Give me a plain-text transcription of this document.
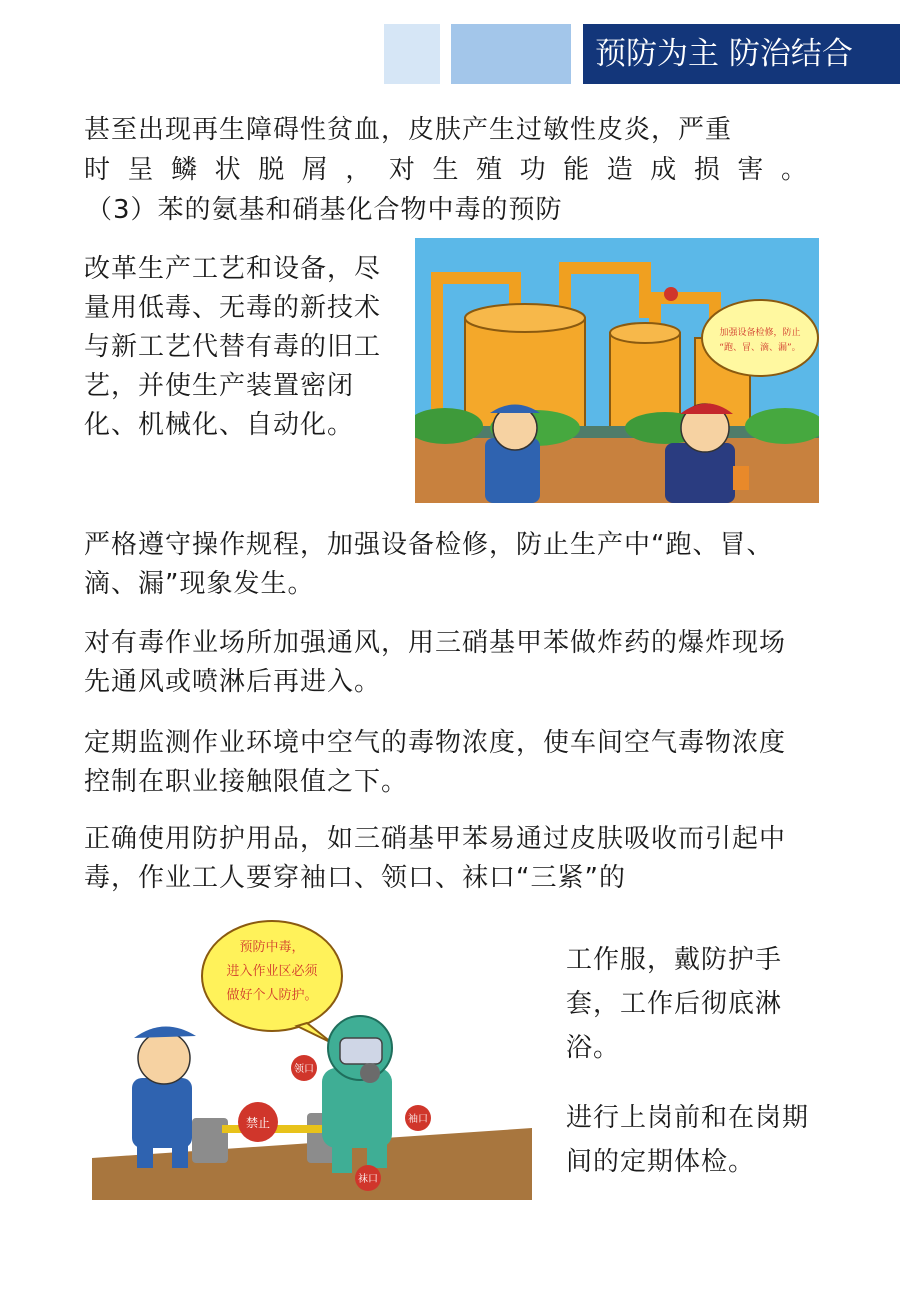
预防为主 防治结合

甚至出现再生障碍性贫血，皮肤产生过敏性皮炎，严重

时呈鳞状脱屑，对生殖功能造成损害。

（3）苯的氨基和硝基化合物中毒的预防

改革生产工艺和设备，尽量用低毒、无毒的新技术与新工艺代替有毒的旧工艺，并使生产装置密闭化、机械化、自动化。

加强设备检修，防止
“跑、冒、滴、漏”。

严格遵守操作规程，加强设备检修，防止生产中“跑、冒、滴、漏”现象发生。

对有毒作业场所加强通风，用三硝基甲苯做炸药的爆炸现场先通风或喷淋后再进入。

定期监测作业环境中空气的毒物浓度，使车间空气毒物浓度控制在职业接触限值之下。

正确使用防护用品，如三硝基甲苯易通过皮肤吸收而引起中毒，作业工人要穿袖口、领口、袜口“三紧”的

预防中毒，
进入作业区必须
做好个人防护。
禁止
领口
袖口
袜口

工作服，戴防护手套，工作后彻底淋浴。

进行上岗前和在岗期间的定期体检。
